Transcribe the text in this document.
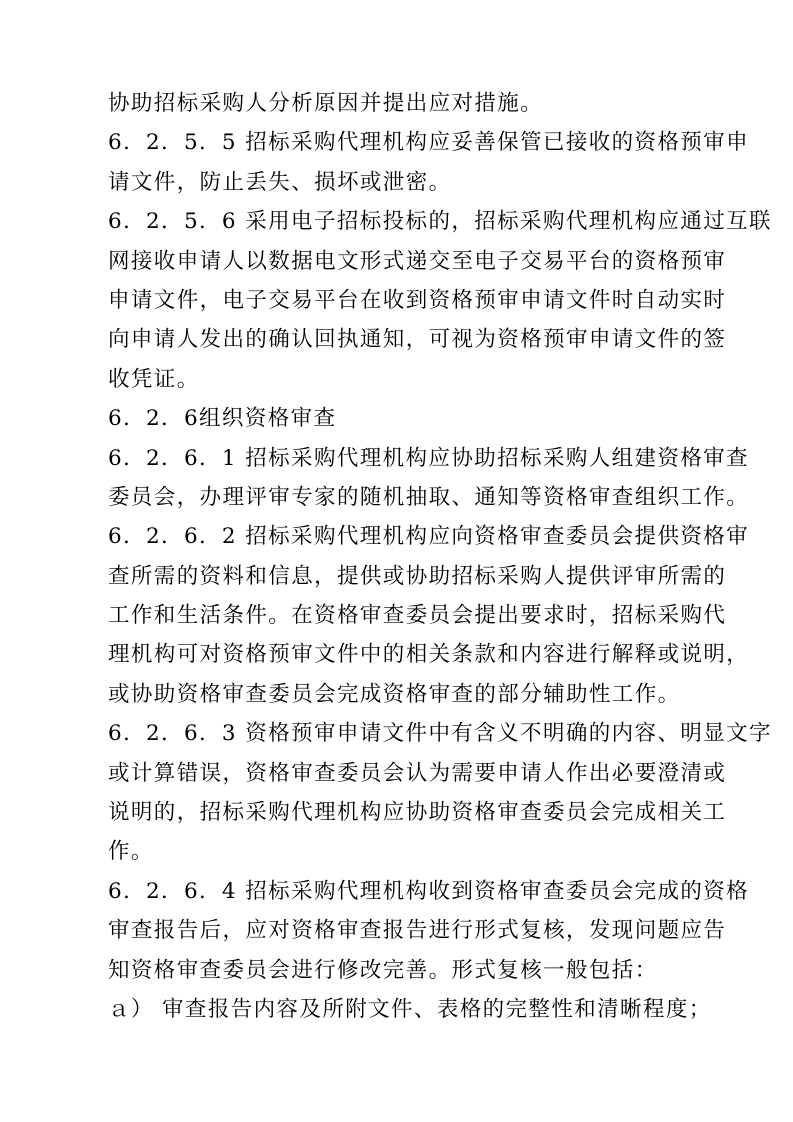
协助招标采购人分析原因并提出应对措施。
6．2．5．5 招标采购代理机构应妥善保管已接收的资格预审申
请文件，防止丢失、损坏或泄密。
6．2．5．6 采用电子招标投标的，招标采购代理机构应通过互联
网接收申请人以数据电文形式递交至电子交易平台的资格预审
申请文件，电子交易平台在收到资格预审申请文件时自动实时
向申请人发出的确认回执通知，可视为资格预审申请文件的签
收凭证。
6．2．6组织资格审查
6．2．6．1 招标采购代理机构应协助招标采购人组建资格审查
委员会，办理评审专家的随机抽取、通知等资格审查组织工作。
6．2．6．2 招标采购代理机构应向资格审查委员会提供资格审
查所需的资料和信息，提供或协助招标采购人提供评审所需的
工作和生活条件。在资格审查委员会提出要求时，招标采购代
理机构可对资格预审文件中的相关条款和内容进行解释或说明，
或协助资格审查委员会完成资格审查的部分辅助性工作。
6．2．6．3 资格预审申请文件中有含义不明确的内容、明显文字
或计算错误，资格审查委员会认为需要申请人作出必要澄清或
说明的，招标采购代理机构应协助资格审查委员会完成相关工
作。
6．2．6．4 招标采购代理机构收到资格审查委员会完成的资格
审查报告后，应对资格审查报告进行形式复核，发现问题应告
知资格审查委员会进行修改完善。形式复核一般包括：
ａ） 审查报告内容及所附文件、表格的完整性和清晰程度；
